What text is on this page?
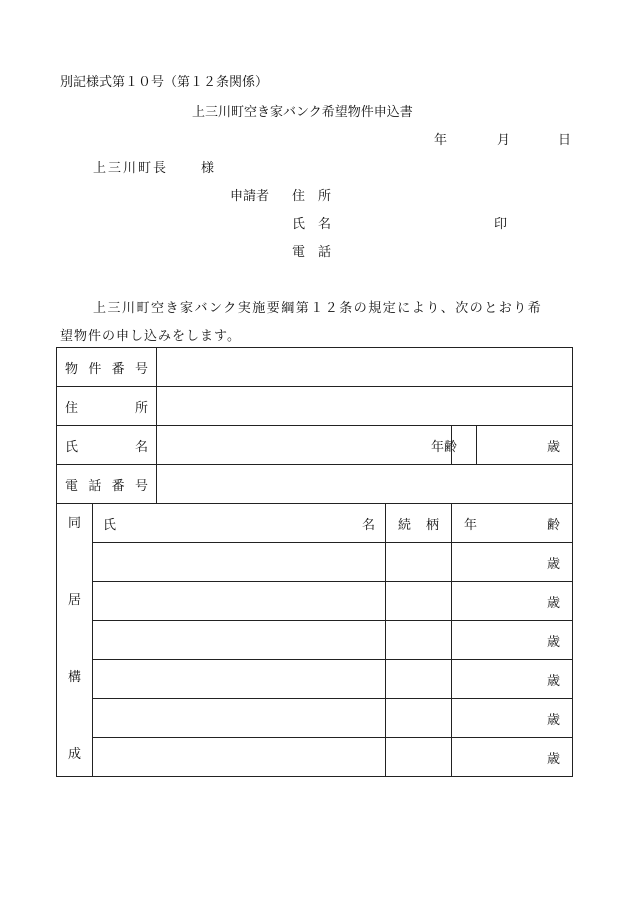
別記様式第１０号（第１２条関係）
上三川町空き家バンク希望物件申込書
年	月	日
上三川町長	様
申請者 住　所
氏　名	印
電　話
上三川町空き家バンク実施要綱第１２条の規定により、次のとおり希
望物件の申し込みをします。
物 件 番 号					

住 所					

氏 名				年齢	歳

電 話 番 号					

同
居
構
成	氏 名		続 柄	年 齢	

				歳	
				歳	
				歳	
				歳	
				歳	
				歳	
